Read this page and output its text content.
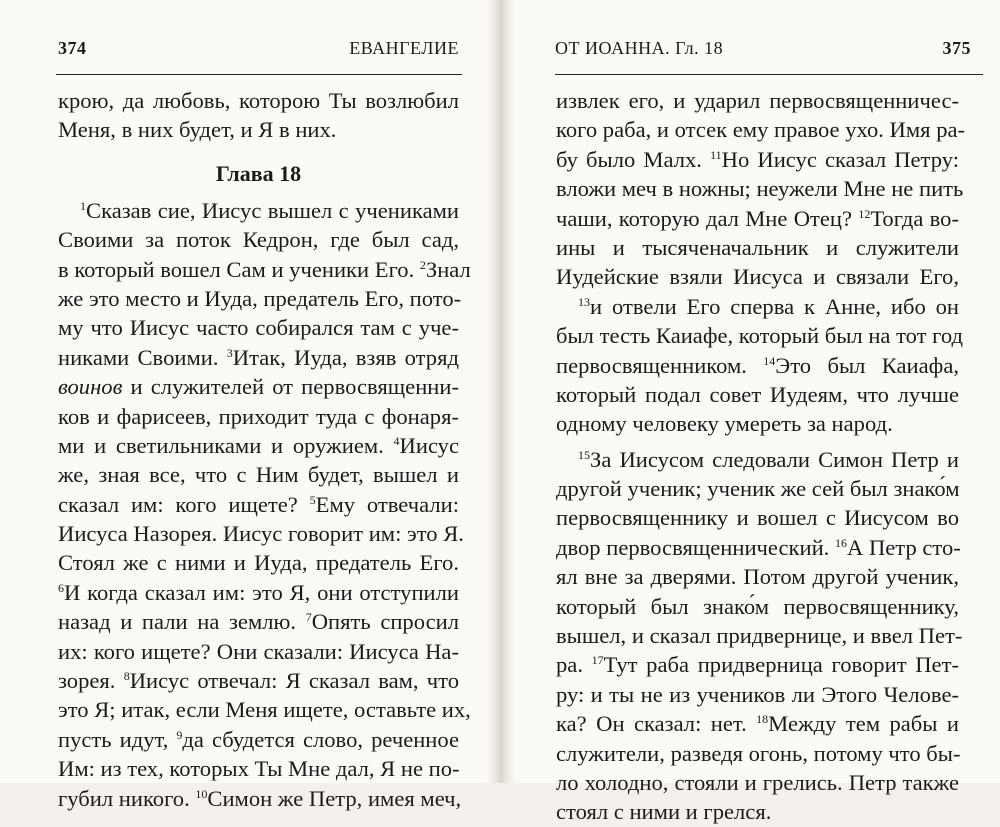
374	ЕВАНГЕЛИЕ
крою, да любовь, которою Ты возлюбил
Меня, в них будет, и Я в них.
Глава 18
$^1$Сказав сие, Иисус вышел с учениками
Своими за поток Кедрон, где был сад,
в который вошел Сам и ученики Его. $^2$Знал
же это место и Иуда, предатель Его, пото-
му что Иисус часто собирался там с уче-
никами Своими. $^3$Итак, Иуда, взяв отряд
воинов и служителей от первосвященни-
ков и фарисеев, приходит туда с фонаря-
ми и светильниками и оружием. $^4$Иисус
же, зная все, что с Ним будет, вышел и
сказал им: кого ищете? $^5$Ему отвечали:
Иисуса Назорея. Иисус говорит им: это Я.
Стоял же с ними и Иуда, предатель Его.
$^6$И когда сказал им: это Я, они отступили
назад и пали на землю. $^7$Опять спросил
их: кого ищете? Они сказали: Иисуса На-
зорея. $^8$Иисус отвечал: Я сказал вам, что
это Я; итак, если Меня ищете, оставьте их,
пусть идут, $^9$да сбудется слово, реченное
Им: из тех, которых Ты Мне дал, Я не по-
губил никого. $^{10}$Симон же Петр, имея меч,
ОТ ИОАННА. Гл. 18	375
извлек его, и ударил первосвященничес-
кого раба, и отсек ему правое ухо. Имя ра-
бу было Малх. $^{11}$Но Иисус сказал Петру:
вложи меч в ножны; неужели Мне не пить
чаши, которую дал Мне Отец? $^{12}$Тогда во-
ины и тысяченачальник и служители
Иудейские взяли Иисуса и связали Его,
$^{13}$и отвели Его сперва к Анне, ибо он
был тесть Каиафе, который был на тот год
первосвященником. $^{14}$Это был Каиафа,
который подал совет Иудеям, что лучше
одному человеку умереть за народ.
$^{15}$За Иисусом следовали Симон Петр и
другой ученик; ученик же сей был знако́м
первосвященнику и вошел с Иисусом во
двор первосвященнический. $^{16}$А Петр сто-
ял вне за дверями. Потом другой ученик,
который был знако́м первосвященнику,
вышел, и сказал придвернице, и ввел Пет-
ра. $^{17}$Тут раба придверница говорит Пет-
ру: и ты не из учеников ли Этого Челове-
ка? Он сказал: нет. $^{18}$Между тем рабы и
служители, разведя огонь, потому что бы-
ло холодно, стояли и грелись. Петр также
стоял с ними и грелся.
